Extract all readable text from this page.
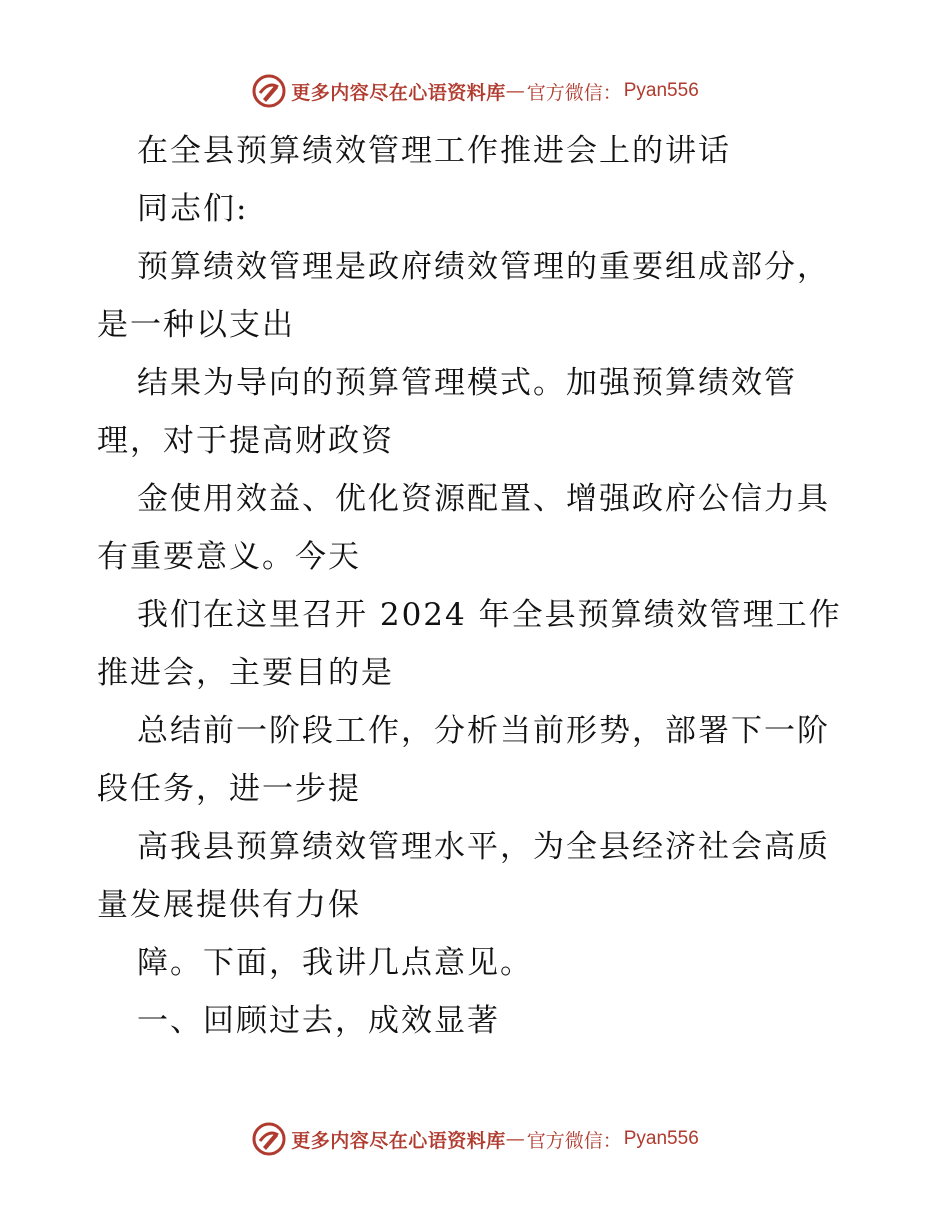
更多内容尽在心语资料库 — 官方微信： Pyan556
在全县预算绩效管理工作推进会上的讲话
同志们:
预算绩效管理是政府绩效管理的重要组成部分，
是一种以支出
结果为导向的预算管理模式。加强预算绩效管
理，对于提高财政资
金使用效益、优化资源配置、增强政府公信力具
有重要意义。今天
我们在这里召开 2024 年全县预算绩效管理工作
推进会，主要目的是
总结前一阶段工作，分析当前形势，部署下一阶
段任务，进一步提
高我县预算绩效管理水平，为全县经济社会高质
量发展提供有力保
障。下面，我讲几点意见。
一、回顾过去，成效显著
更多内容尽在心语资料库 — 官方微信： Pyan556
